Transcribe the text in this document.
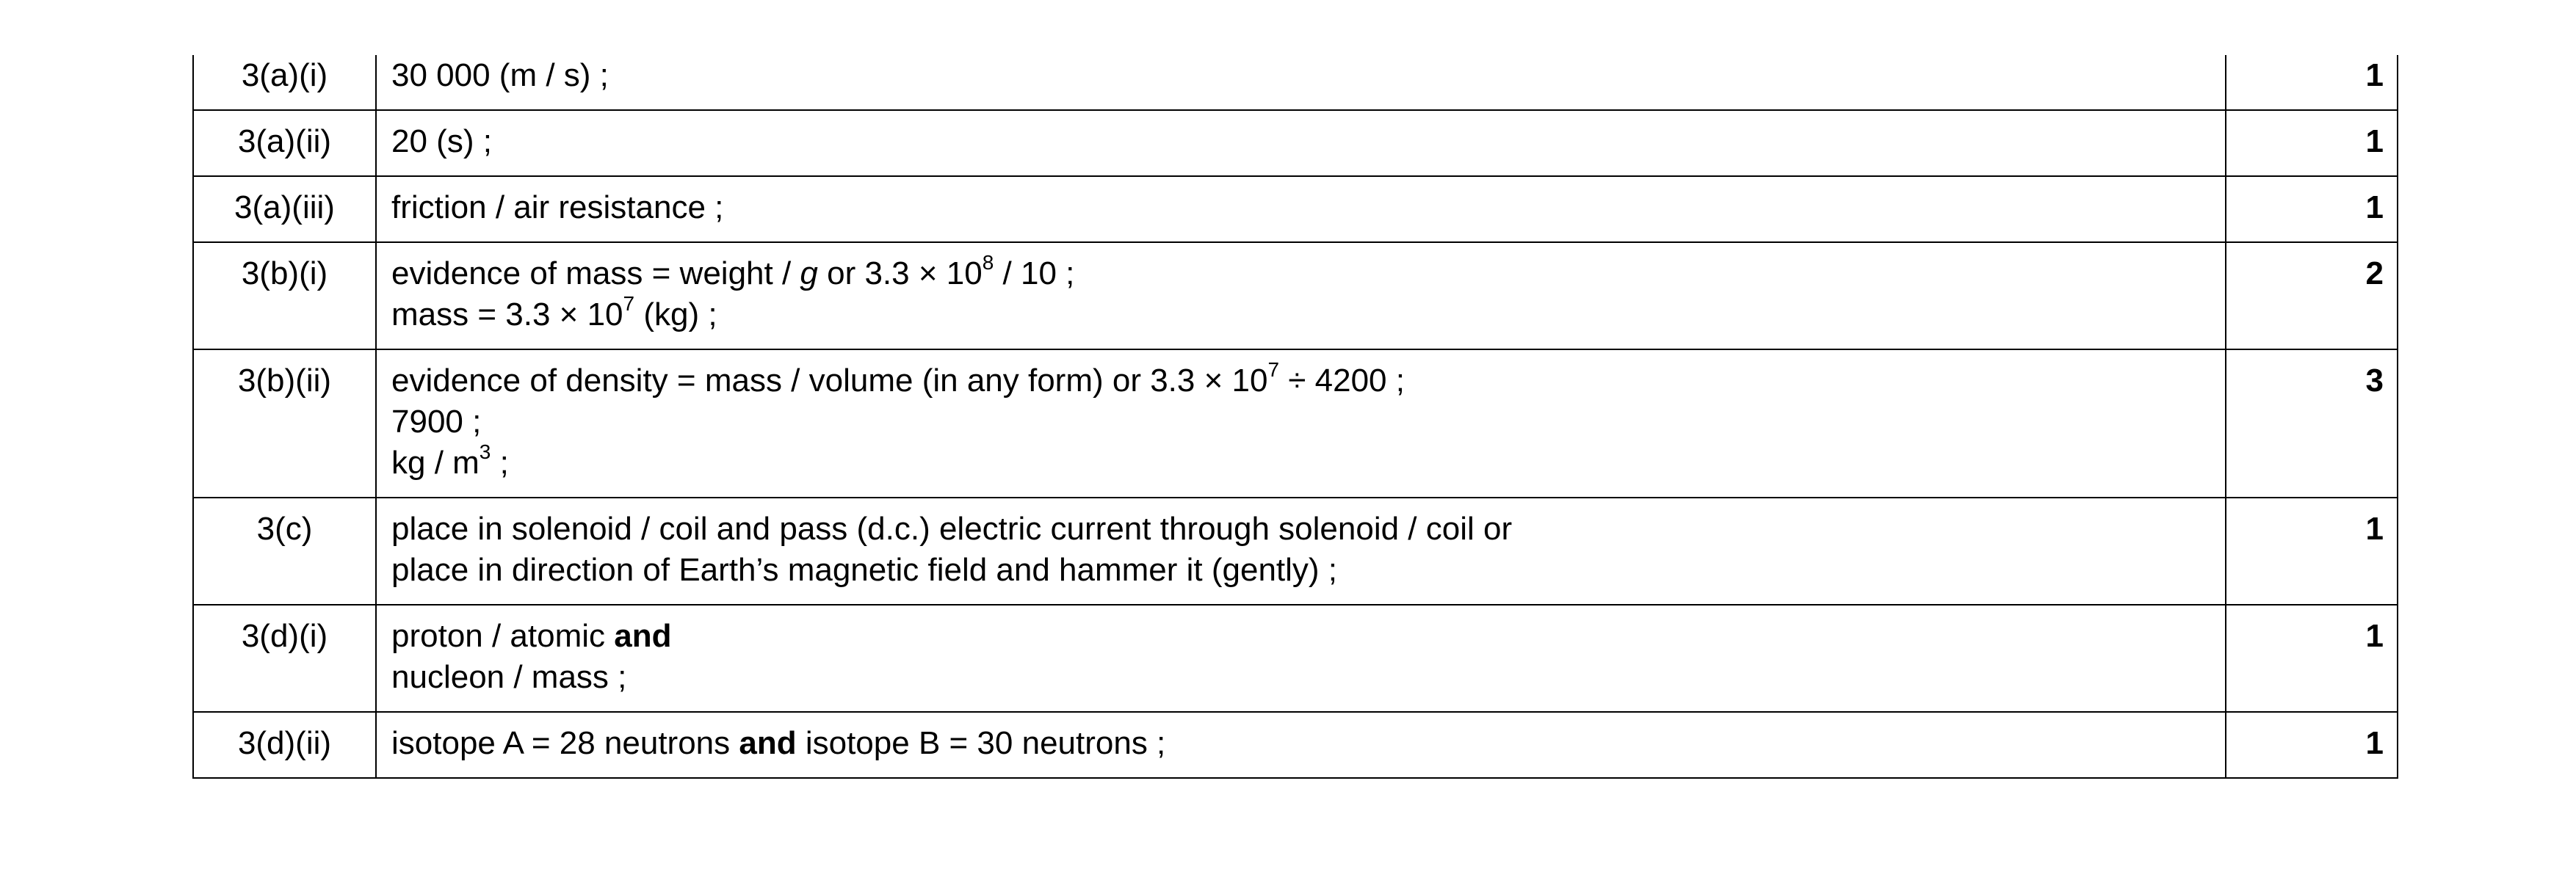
3(a)(i)	30 000 (m / s) ;	1
3(a)(ii)	20 (s) ;	1
3(a)(iii)	friction / air resistance ;	1
3(b)(i)	evidence of mass = weight / g or $3.3 \times 10^8 / 10$ ;
mass = $3.3 \times 10^7$ (kg) ;	2
3(b)(ii)	evidence of density = mass / volume (in any form) or $3.3 \times 10^7 \div 4200$ ;
7900 ;
kg / $m^3$ ;	3
3(c)	place in solenoid / coil and pass (d.c.) electric current through solenoid / coil or
place in direction of Earth’s magnetic field and hammer it (gently) ;	1
3(d)(i)	proton / atomic and
nucleon / mass ;	1
3(d)(ii)	isotope A = 28 neutrons and isotope B = 30 neutrons ;	1
